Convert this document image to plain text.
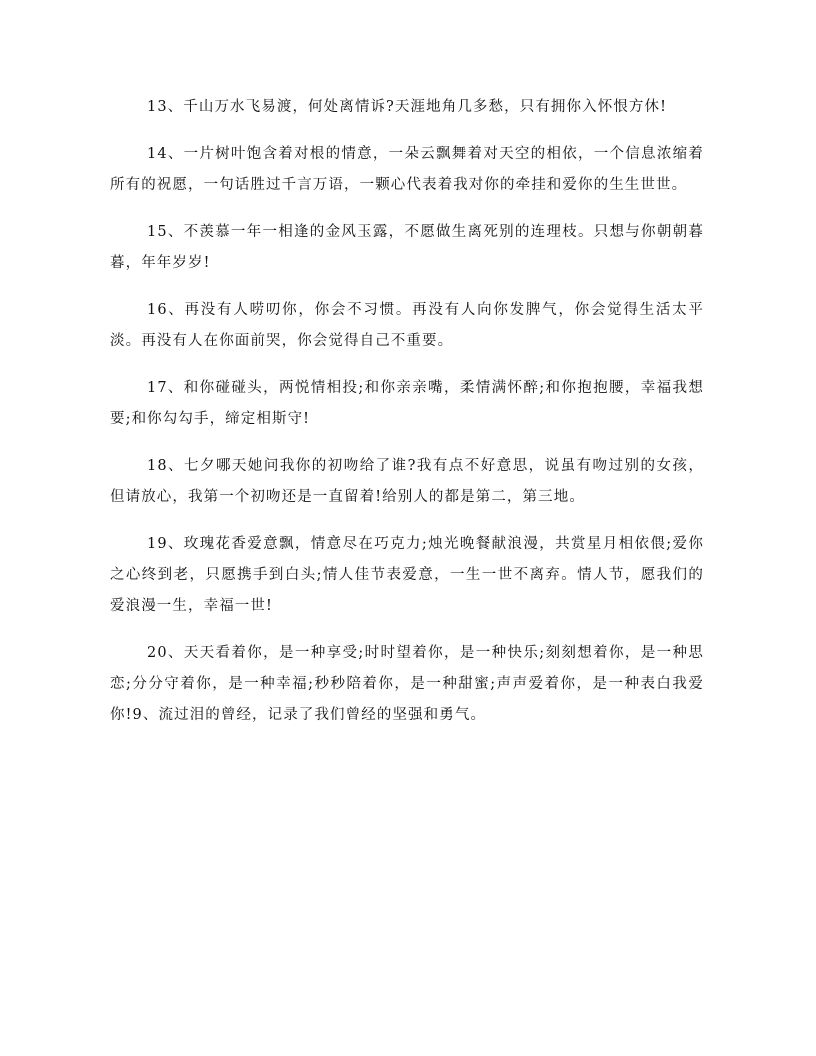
13、千山万水飞易渡，何处离情诉?天涯地角几多愁，只有拥你入怀恨方休!

14、一片树叶饱含着对根的情意，一朵云飘舞着对天空的相依，一个信息浓缩着所有的祝愿，一句话胜过千言万语，一颗心代表着我对你的牵挂和爱你的生生世世。

15、不羡慕一年一相逢的金风玉露，不愿做生离死别的连理枝。只想与你朝朝暮暮，年年岁岁!

16、再没有人唠叨你，你会不习惯。再没有人向你发脾气，你会觉得生活太平淡。再没有人在你面前哭，你会觉得自己不重要。

17、和你碰碰头，两悦情相投;和你亲亲嘴，柔情满怀醉;和你抱抱腰，幸福我想要;和你勾勾手，缔定相斯守!

18、七夕哪天她问我你的初吻给了谁?我有点不好意思，说虽有吻过别的女孩，但请放心，我第一个初吻还是一直留着!给别人的都是第二，第三地。

19、玫瑰花香爱意飘，情意尽在巧克力;烛光晚餐献浪漫，共赏星月相依偎;爱你之心终到老，只愿携手到白头;情人佳节表爱意，一生一世不离弃。情人节，愿我们的爱浪漫一生，幸福一世!

20、天天看着你，是一种享受;时时望着你，是一种快乐;刻刻想着你，是一种思恋;分分守着你，是一种幸福;秒秒陪着你，是一种甜蜜;声声爱着你，是一种表白我爱你!9、流过泪的曾经，记录了我们曾经的坚强和勇气。
